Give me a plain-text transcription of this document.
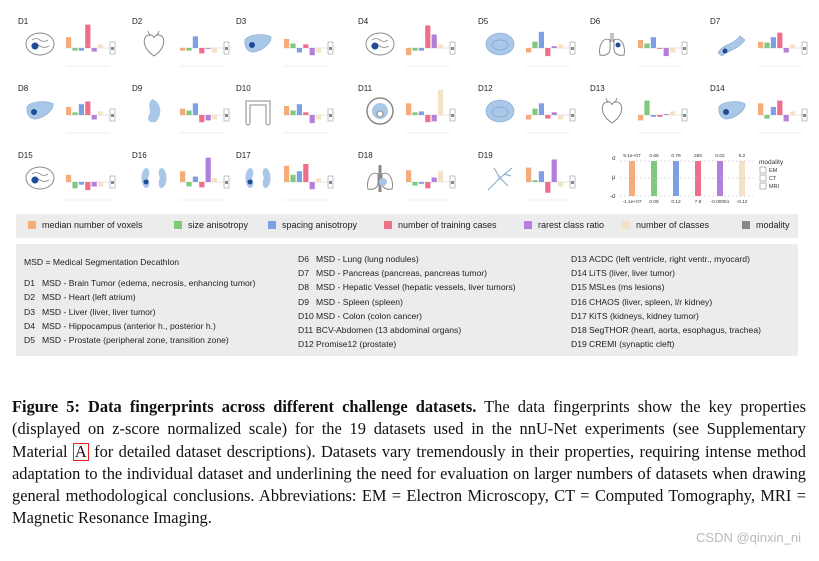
D1	D2	D3	D4	D5	D6	D7
D8	D9	D10	D11	D12	D13	D14
D15	D16	D17	D18	D19	σ
μ
-σ
9.1e+07
-1.1e+07
0.66
0.08
0.79
0.12
260
7.8
0.02
-0.00051
5.2
-0.12
modality
EM
CT
MRI
median number of voxels	size anisotropy	spacing anisotropy	number of training cases	rarest class ratio	number of classes	modality
MSD = Medical Segmentation Decathlon
D1 MSD - Brain Tumor (edema, necrosis, enhancing tumor)
D2 MSD - Heart (left atrium)
D3 MSD - Liver (liver, liver tumor)
D4 MSD - Hippocampus (anterior h., posterior h.)
D5 MSD - Prostate (peripheral zone, transition zone)
D6 MSD - Lung (lung nodules)
D7 MSD - Pancreas (pancreas, pancreas tumor)
D8 MSD - Hepatic Vessel (hepatic vessels, liver tumors)
D9 MSD - Spleen (spleen)
D10 MSD - Colon (colon cancer)
D11 BCV-Abdomen (13 abdominal organs)
D12 Promise12 (prostate)
D13 ACDC (left ventricle, right ventr., myocard)
D14 LiTS (liver, liver tumor)
D15 MSLes (ms lesions)
D16 CHAOS (liver, spleen, l/r kidney)
D17 KiTS (kidneys, kidney tumor)
D18 SegTHOR (heart, aorta, esophagus, trachea)
D19 CREMI (synaptic cleft)
Figure 5: Data fingerprints across different challenge datasets. The data fingerprints show the key properties (displayed on z-score normalized scale) for the 19 datasets used in the nnU-Net experiments (see Supplementary Material A for detailed dataset descriptions). Datasets vary tremendously in their properties, requiring intense method adaptation to the individual dataset and underlining the need for evaluation on larger numbers of datasets when drawing general methodological conclusions. Abbreviations: EM = Electron Microscopy, CT = Computed Tomography, MRI = Magnetic Resonance Imaging.
CSDN @qinxin_ni
